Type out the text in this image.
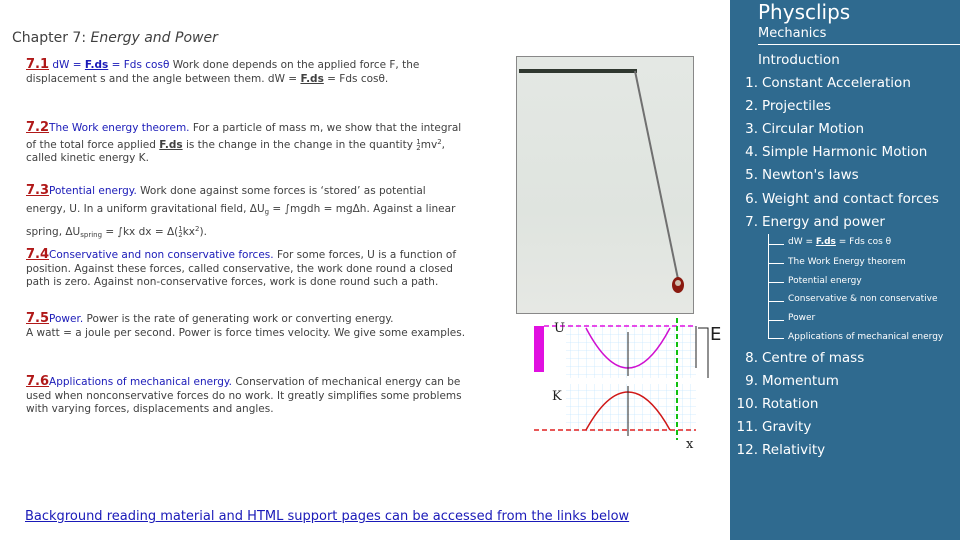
Chapter 7: Energy and Power
7.1 dW = F.ds = Fds cosθ Work done depends on the applied force F, the
displacement s and the angle between them. dW = F.ds = Fds cosθ.
7.2The Work energy theorem. For a particle of mass m, we show that the integral
of the total force applied F.ds is the change in the change in the quantity 1
$2mv^2$,
called kinetic energy K.
7.3Potential energy. Work done against some forces is ‘stored’ as potential
energy, U. In a uniform gravitational field, $\Delta U_g$ = ∫mgdh = mgΔh. Against a linear
spring, $\Delta U_{spring} = \int kx$ dx = Δ(1
$2kx^2$).
7.4Conservative and non conservative forces. For some forces, U is a function of
position. Against these forces, called conservative, the work done round a closed
path is zero. Against non-conservative forces, work is done round such a path.
7.5Power. Power is the rate of generating work or converting energy.
A watt = a joule per second. Power is force times velocity. We give some examples.
7.6Applications of mechanical energy. Conservation of mechanical energy can be
used when nonconservative forces do no work. It greatly simplifies some problems
with varying forces, displacements and angles.
U	E
K
x
Background reading material and HTML support pages can be accessed from the links below
Physclips
Mechanics
Introduction
1. Constant Acceleration
2. Projectiles
3. Circular Motion
4. Simple Harmonic Motion
5. Newton's laws
6. Weight and contact forces
7. Energy and power
dW = F.ds = Fds cos θ
The Work Energy theorem
Potential energy
Conservative & non conservative
Power
Applications of mechanical energy
8. Centre of mass
9. Momentum
10. Rotation
11. Gravity
12. Relativity
